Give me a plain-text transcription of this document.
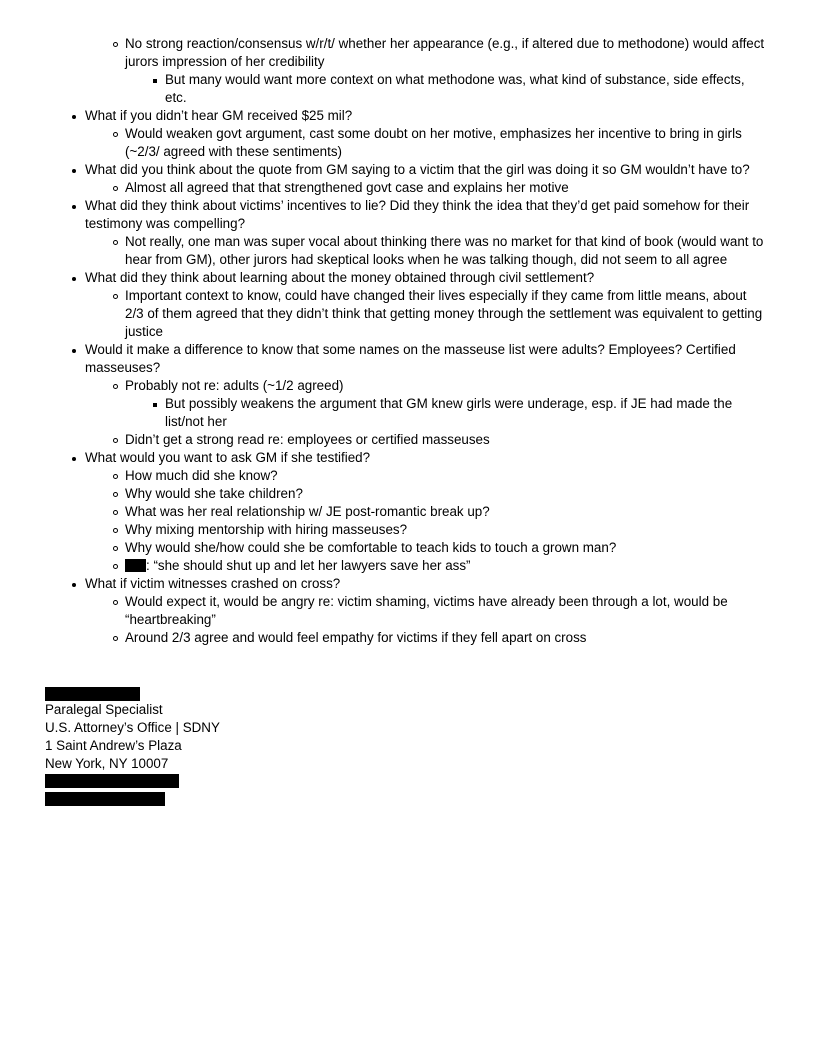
No strong reaction/consensus w/r/t/ whether her appearance (e.g., if altered due to methodone) would affect jurors impression of her credibility
But many would want more context on what methodone was, what kind of substance, side effects, etc.
What if you didn’t hear GM received $25 mil?
Would weaken govt argument, cast some doubt on her motive, emphasizes her incentive to bring in girls (~2/3/ agreed with these sentiments)
What did you think about the quote from GM saying to a victim that the girl was doing it so GM wouldn’t have to?
Almost all agreed that that strengthened govt case and explains her motive
What did they think about victims’ incentives to lie? Did they think the idea that they’d get paid somehow for their testimony was compelling?
Not really, one man was super vocal about thinking there was no market for that kind of book (would want to hear from GM), other jurors had skeptical looks when he was talking though, did not seem to all agree
What did they think about learning about the money obtained through civil settlement?
Important context to know, could have changed their lives especially if they came from little means, about 2/3 of them agreed that they didn’t think that getting money through the settlement was equivalent to getting justice
Would it make a difference to know that some names on the masseuse list were adults? Employees? Certified masseuses?
Probably not re: adults (~1/2 agreed)
But possibly weakens the argument that GM knew girls were underage, esp. if JE had made the list/not her
Didn’t get a strong read re: employees or certified masseuses
What would you want to ask GM if she testified?
How much did she know?
Why would she take children?
What was her real relationship w/ JE post-romantic break up?
Why mixing mentorship with hiring masseuses?
Why would she/how could she be comfortable to teach kids to touch a grown man?
: “she should shut up and let her lawyers save her ass”
What if victim witnesses crashed on cross?
Would expect it, would be angry re: victim shaming, victims have already been through a lot, would be “heartbreaking”
Around 2/3 agree and would feel empathy for victims if they fell apart on cross
Paralegal Specialist
U.S. Attorney’s Office | SDNY
1 Saint Andrew’s Plaza
New York, NY 10007
